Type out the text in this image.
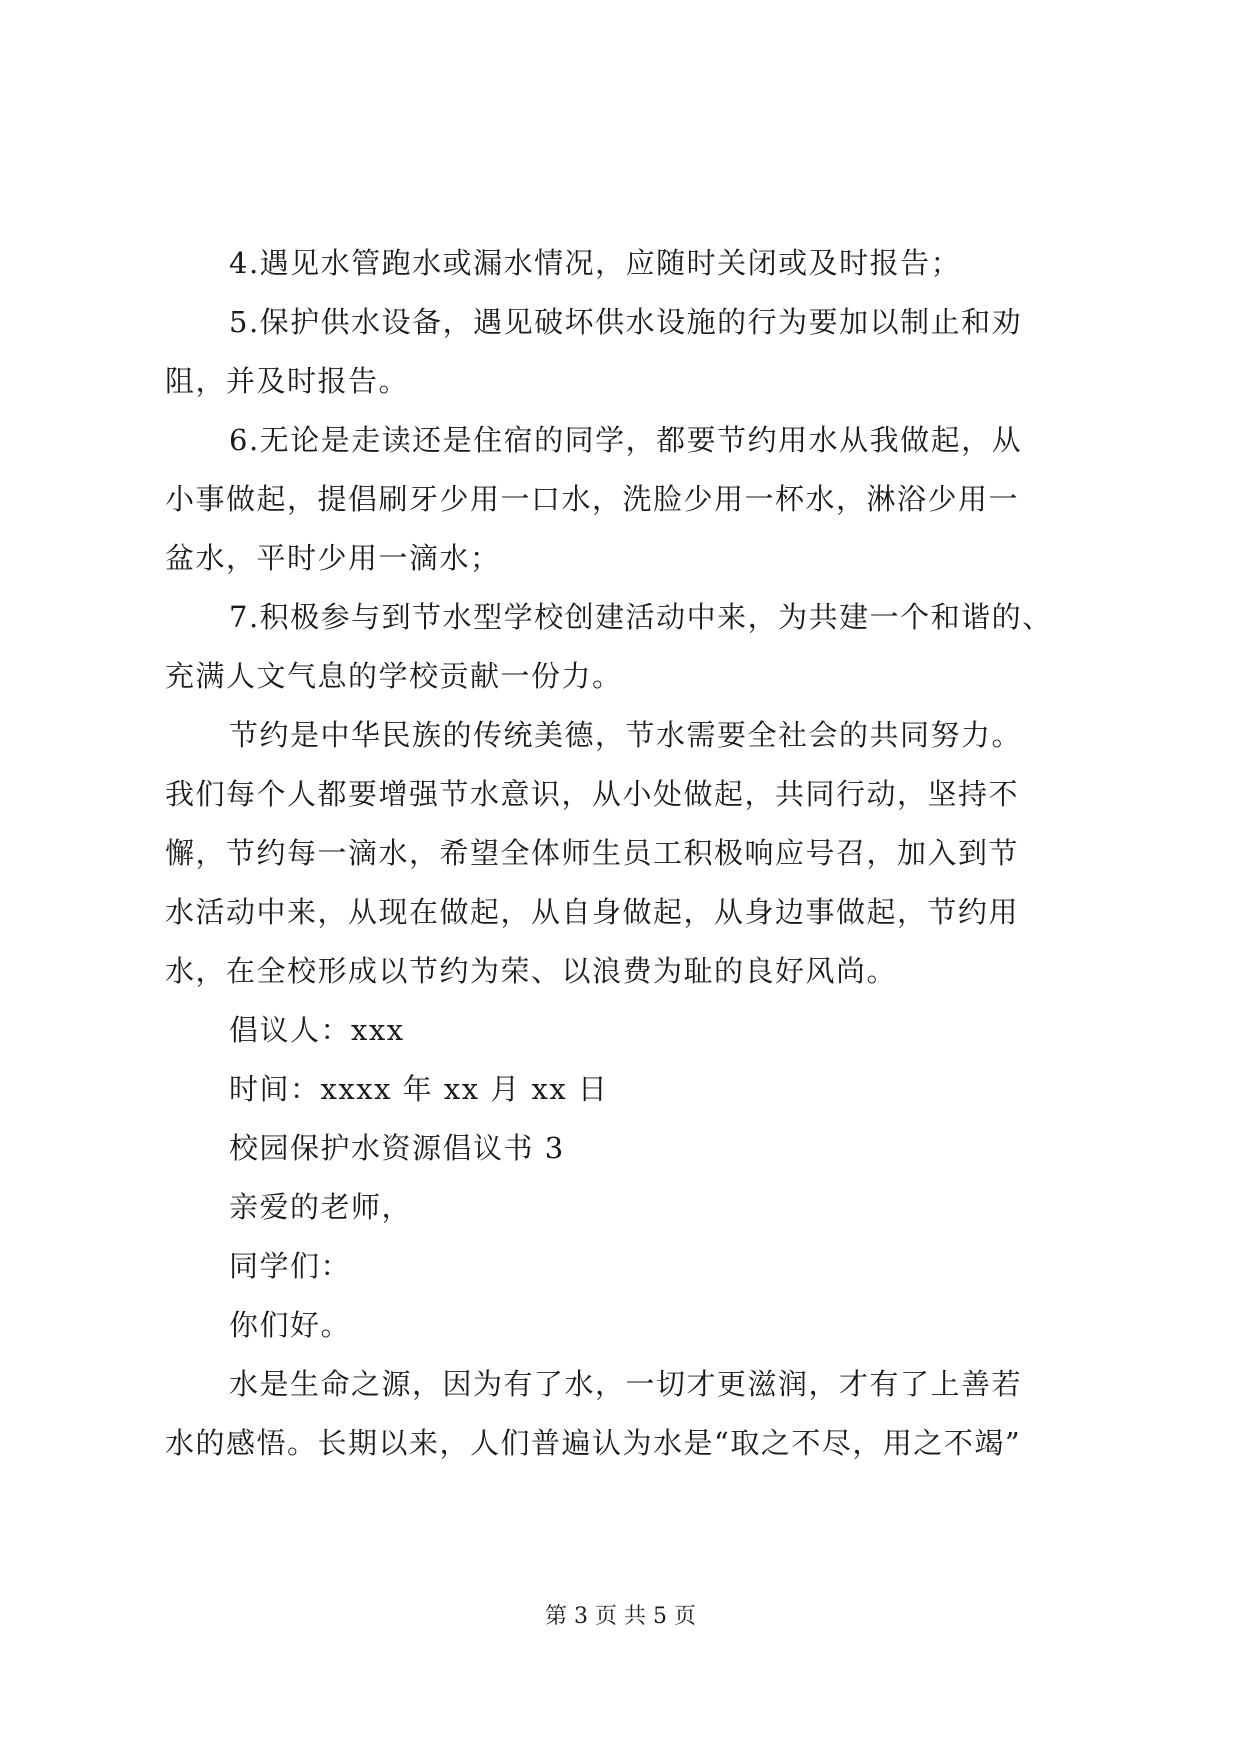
4.遇见水管跑水或漏水情况，应随时关闭或及时报告；
5.保护供水设备，遇见破坏供水设施的行为要加以制止和劝
阻，并及时报告。
6.无论是走读还是住宿的同学，都要节约用水从我做起，从
小事做起，提倡刷牙少用一口水，洗脸少用一杯水，淋浴少用一
盆水，平时少用一滴水；
7.积极参与到节水型学校创建活动中来，为共建一个和谐的、
充满人文气息的学校贡献一份力。
节约是中华民族的传统美德，节水需要全社会的共同努力。
我们每个人都要增强节水意识，从小处做起，共同行动，坚持不
懈，节约每一滴水，希望全体师生员工积极响应号召，加入到节
水活动中来，从现在做起，从自身做起，从身边事做起，节约用
水，在全校形成以节约为荣、以浪费为耻的良好风尚。
倡议人：xxx
时间：xxxx 年 xx 月 xx 日
校园保护水资源倡议书 3
亲爱的老师，
同学们：
你们好。
水是生命之源，因为有了水，一切才更滋润，才有了上善若
水的感悟。长期以来，人们普遍认为水是“取之不尽，用之不竭”
第 3 页 共 5 页
